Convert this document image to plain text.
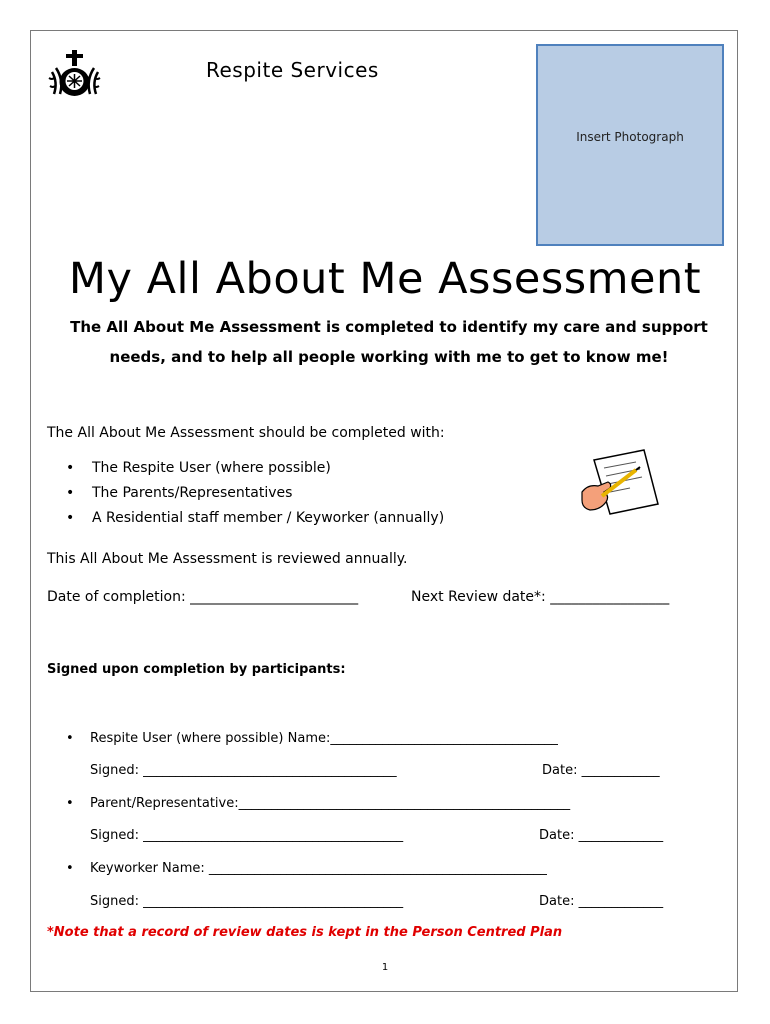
Respite Services
Insert Photograph
My All About Me Assessment
The All About Me Assessment is completed to identify my care and support needs, and to help all people working with me to get to know me!
The All About Me Assessment should be completed with:
• The Respite User (where possible)
• The Parents/Representatives
• A Residential staff member / Keyworker (annually)
This All About Me Assessment is reviewed annually.
Date of completion: ________________________	Next Review date*: _________________
Signed upon completion by participants:
• Respite User (where possible) Name:___________________________________
Signed: _______________________________________	Date: ____________
• Parent/Representative:___________________________________________________
Signed: ________________________________________	Date: _____________
• Keyworker Name: ____________________________________________________
Signed: ________________________________________	Date: _____________
*Note that a record of review dates is kept in the Person Centred Plan
1
